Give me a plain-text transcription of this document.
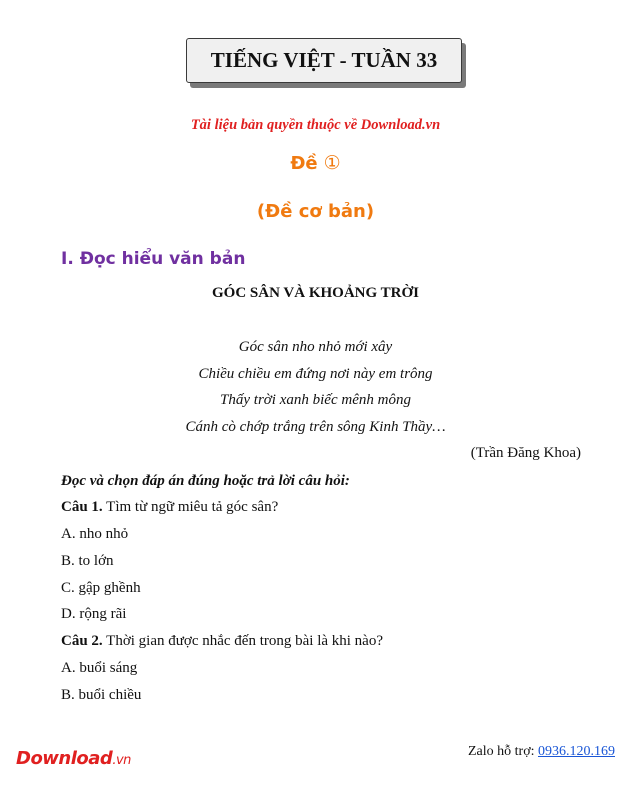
TIẾNG VIỆT - TUẦN 33
Tài liệu bản quyền thuộc về Download.vn
Đề ①
(Đề cơ bản)
I. Đọc hiểu văn bản
GÓC SÂN VÀ KHOẢNG TRỜI
Góc sân nho nhỏ mới xây
Chiều chiều em đứng nơi này em trông
Thấy trời xanh biếc mênh mông
Cánh cò chớp trắng trên sông Kinh Thầy…
(Trần Đăng Khoa)
Đọc và chọn đáp án đúng hoặc trả lời câu hỏi:
Câu 1. Tìm từ ngữ miêu tả góc sân?
A. nho nhỏ
B. to lớn
C. gập ghềnh
D. rộng rãi
Câu 2. Thời gian được nhắc đến trong bài là khi nào?
A. buổi sáng
B. buổi chiều
Download.vn
Zalo hỗ trợ: 0936.120.169
